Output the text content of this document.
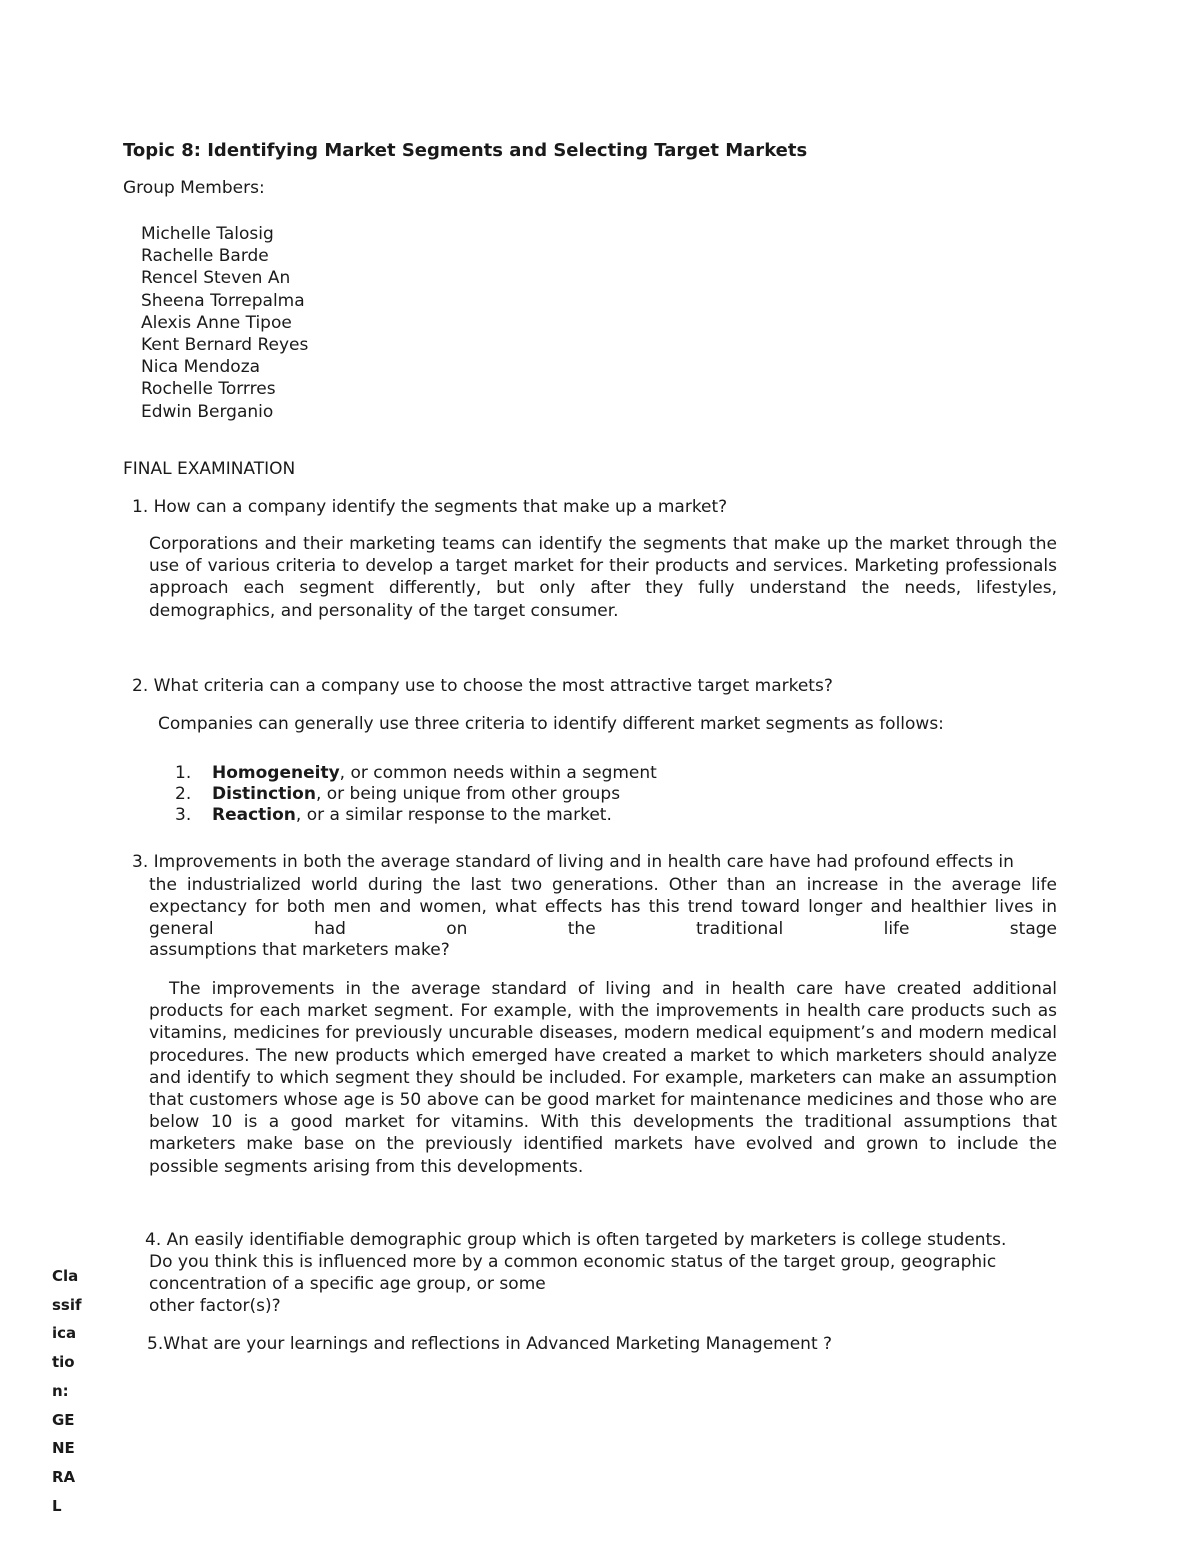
Topic 8: Identifying Market Segments and Selecting Target Markets
Group Members:
Michelle Talosig
Rachelle Barde
Rencel Steven An
Sheena Torrepalma
Alexis Anne Tipoe
Kent Bernard Reyes
Nica Mendoza
Rochelle Torrres
Edwin Berganio
FINAL EXAMINATION
1. How can a company identify the segments that make up a market?

Corporations and their marketing teams can identify the segments that make up the market through the use of various criteria to develop a target market for their products and services. Marketing professionals approach each segment differently, but only after they fully understand the needs, lifestyles, demographics, and personality of the target consumer.

2. What criteria can a company use to choose the most attractive target markets?
Companies can generally use three criteria to identify different market segments as follows:
1. Homogeneity, or common needs within a segment
2. Distinction, or being unique from other groups
3. Reaction, or a similar response to the market.
3. Improvements in both the average standard of living and in health care have had profound effects in

the industrialized world during the last two generations. Other than an increase in the average life expectancy for both men and women, what effects has this trend toward longer and healthier lives in general had on the traditional life stage

assumptions that marketers make?

The improvements in the average standard of living and in health care have created additional products for each market segment. For example, with the improvements in health care products such as vitamins, medicines for previously uncurable diseases, modern medical equipment’s and modern medical procedures. The new products which emerged have created a market to which marketers should analyze and identify to which segment they should be included. For example, marketers can make an assumption that customers whose age is 50 above can be good market for maintenance medicines and those who are below 10 is a good market for vitamins. With this developments the traditional assumptions that marketers make base on the previously identified markets have evolved and grown to include the possible segments arising from this developments.

4. An easily identifiable demographic group which is often targeted by marketers is college students.
Do you think this is influenced more by a common economic status of the target group, geographic
concentration of a specific age group, or some
other factor(s)?
5.What are your learnings and reflections in Advanced Marketing Management ?
Classification: GENERAL
